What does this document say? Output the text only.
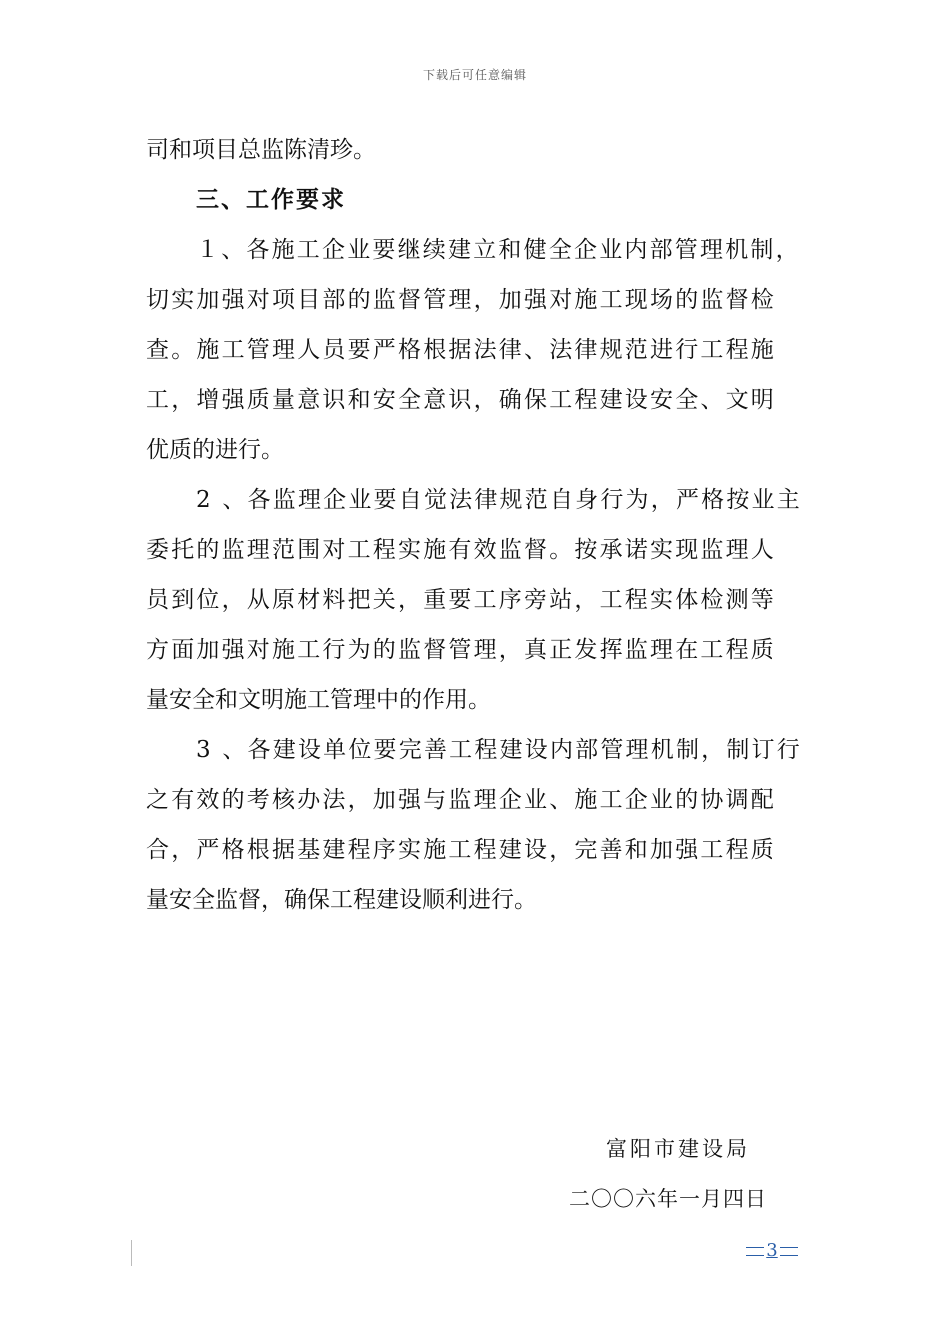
下载后可任意编辑
司和项目总监陈清珍。
三、工作要求
１、各施工企业要继续建立和健全企业内部管理机制，
切实加强对项目部的监督管理，加强对施工现场的监督检
查。施工管理人员要严格根据法律、法律规范进行工程施
工，增强质量意识和安全意识，确保工程建设安全、文明
优质的进行。
2 、各监理企业要自觉法律规范自身行为，严格按业主
委托的监理范围对工程实施有效监督。按承诺实现监理人
员到位，从原材料把关，重要工序旁站，工程实体检测等
方面加强对施工行为的监督管理，真正发挥监理在工程质
量安全和文明施工管理中的作用。
3 、各建设单位要完善工程建设内部管理机制，制订行
之有效的考核办法，加强与监理企业、施工企业的协调配
合，严格根据基建程序实施工程建设，完善和加强工程质
量安全监督，确保工程建设顺利进行。
富阳市建设局
二〇〇六年一月四日
3
